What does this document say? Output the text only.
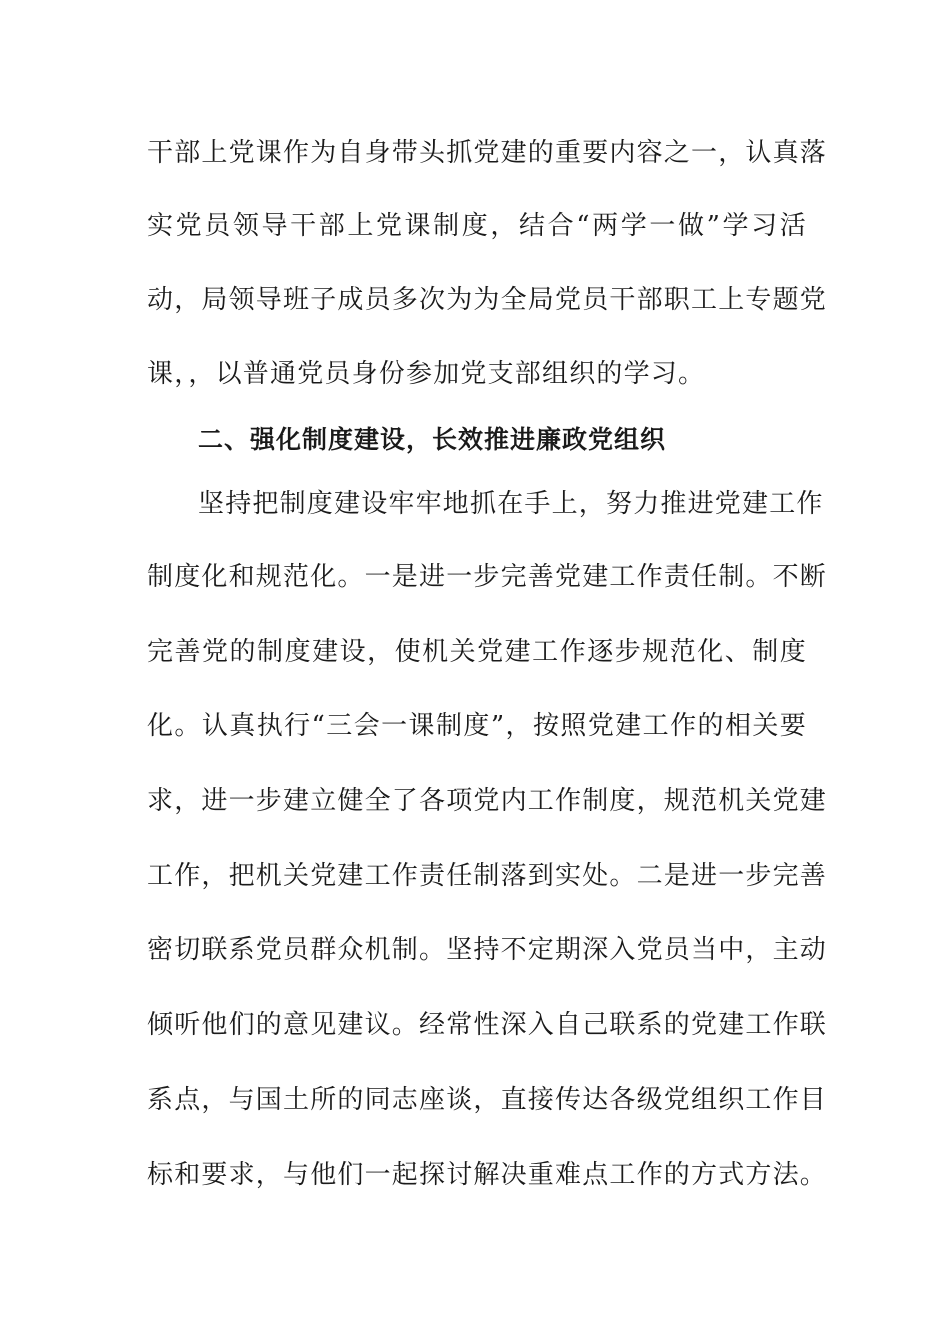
干部上党课作为自身带头抓党建的重要内容之一，认真落
实党员领导干部上党课制度，结合“两学一做”学习活
动，局领导班子成员多次为为全局党员干部职工上专题党
课，，以普通党员身份参加党支部组织的学习。
二、强化制度建设，长效推进廉政党组织
坚持把制度建设牢牢地抓在手上，努力推进党建工作
制度化和规范化。一是进一步完善党建工作责任制。不断
完善党的制度建设，使机关党建工作逐步规范化、制度
化。认真执行“三会一课制度”，按照党建工作的相关要
求，进一步建立健全了各项党内工作制度，规范机关党建
工作，把机关党建工作责任制落到实处。二是进一步完善
密切联系党员群众机制。坚持不定期深入党员当中，主动
倾听他们的意见建议。经常性深入自己联系的党建工作联
系点，与国土所的同志座谈，直接传达各级党组织工作目
标和要求，与他们一起探讨解决重难点工作的方式方法。
